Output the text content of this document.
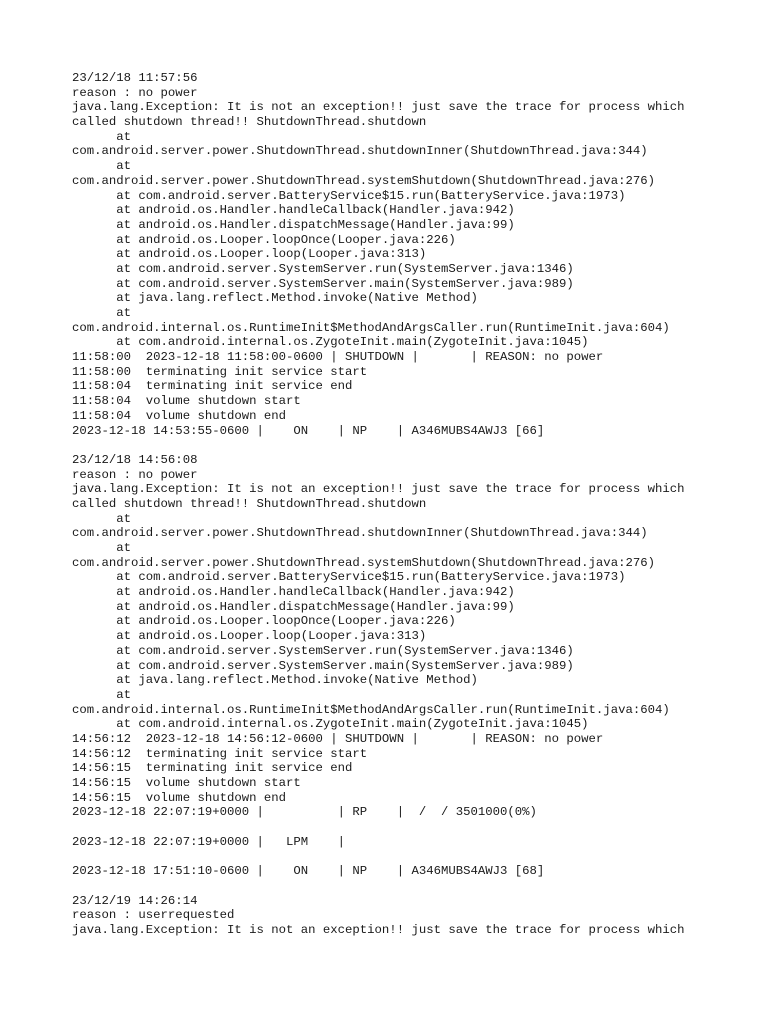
23/12/18 11:57:56
reason : no power
java.lang.Exception: It is not an exception!! just save the trace for process which
called shutdown thread!! ShutdownThread.shutdown
at
com.android.server.power.ShutdownThread.shutdownInner(ShutdownThread.java:344)
at
com.android.server.power.ShutdownThread.systemShutdown(ShutdownThread.java:276)
at com.android.server.BatteryService$15.run(BatteryService.java:1973)
at android.os.Handler.handleCallback(Handler.java:942)
at android.os.Handler.dispatchMessage(Handler.java:99)
at android.os.Looper.loopOnce(Looper.java:226)
at android.os.Looper.loop(Looper.java:313)
at com.android.server.SystemServer.run(SystemServer.java:1346)
at com.android.server.SystemServer.main(SystemServer.java:989)
at java.lang.reflect.Method.invoke(Native Method)
at
com.android.internal.os.RuntimeInit$MethodAndArgsCaller.run(RuntimeInit.java:604)
at com.android.internal.os.ZygoteInit.main(ZygoteInit.java:1045)
11:58:00  2023-12-18 11:58:00-0600 | SHUTDOWN |       | REASON: no power
11:58:00  terminating init service start
11:58:04  terminating init service end
11:58:04  volume shutdown start
11:58:04  volume shutdown end
2023-12-18 14:53:55-0600 |    ON    | NP    | A346MUBS4AWJ3 [66]
23/12/18 14:56:08
reason : no power
java.lang.Exception: It is not an exception!! just save the trace for process which
called shutdown thread!! ShutdownThread.shutdown
at
com.android.server.power.ShutdownThread.shutdownInner(ShutdownThread.java:344)
at
com.android.server.power.ShutdownThread.systemShutdown(ShutdownThread.java:276)
at com.android.server.BatteryService$15.run(BatteryService.java:1973)
at android.os.Handler.handleCallback(Handler.java:942)
at android.os.Handler.dispatchMessage(Handler.java:99)
at android.os.Looper.loopOnce(Looper.java:226)
at android.os.Looper.loop(Looper.java:313)
at com.android.server.SystemServer.run(SystemServer.java:1346)
at com.android.server.SystemServer.main(SystemServer.java:989)
at java.lang.reflect.Method.invoke(Native Method)
at
com.android.internal.os.RuntimeInit$MethodAndArgsCaller.run(RuntimeInit.java:604)
at com.android.internal.os.ZygoteInit.main(ZygoteInit.java:1045)
14:56:12  2023-12-18 14:56:12-0600 | SHUTDOWN |       | REASON: no power
14:56:12  terminating init service start
14:56:15  terminating init service end
14:56:15  volume shutdown start
14:56:15  volume shutdown end
2023-12-18 22:07:19+0000 |          | RP    |  /  / 3501000(0%)
2023-12-18 22:07:19+0000 |   LPM    |
2023-12-18 17:51:10-0600 |    ON    | NP    | A346MUBS4AWJ3 [68]
23/12/19 14:26:14
reason : userrequested
java.lang.Exception: It is not an exception!! just save the trace for process which
